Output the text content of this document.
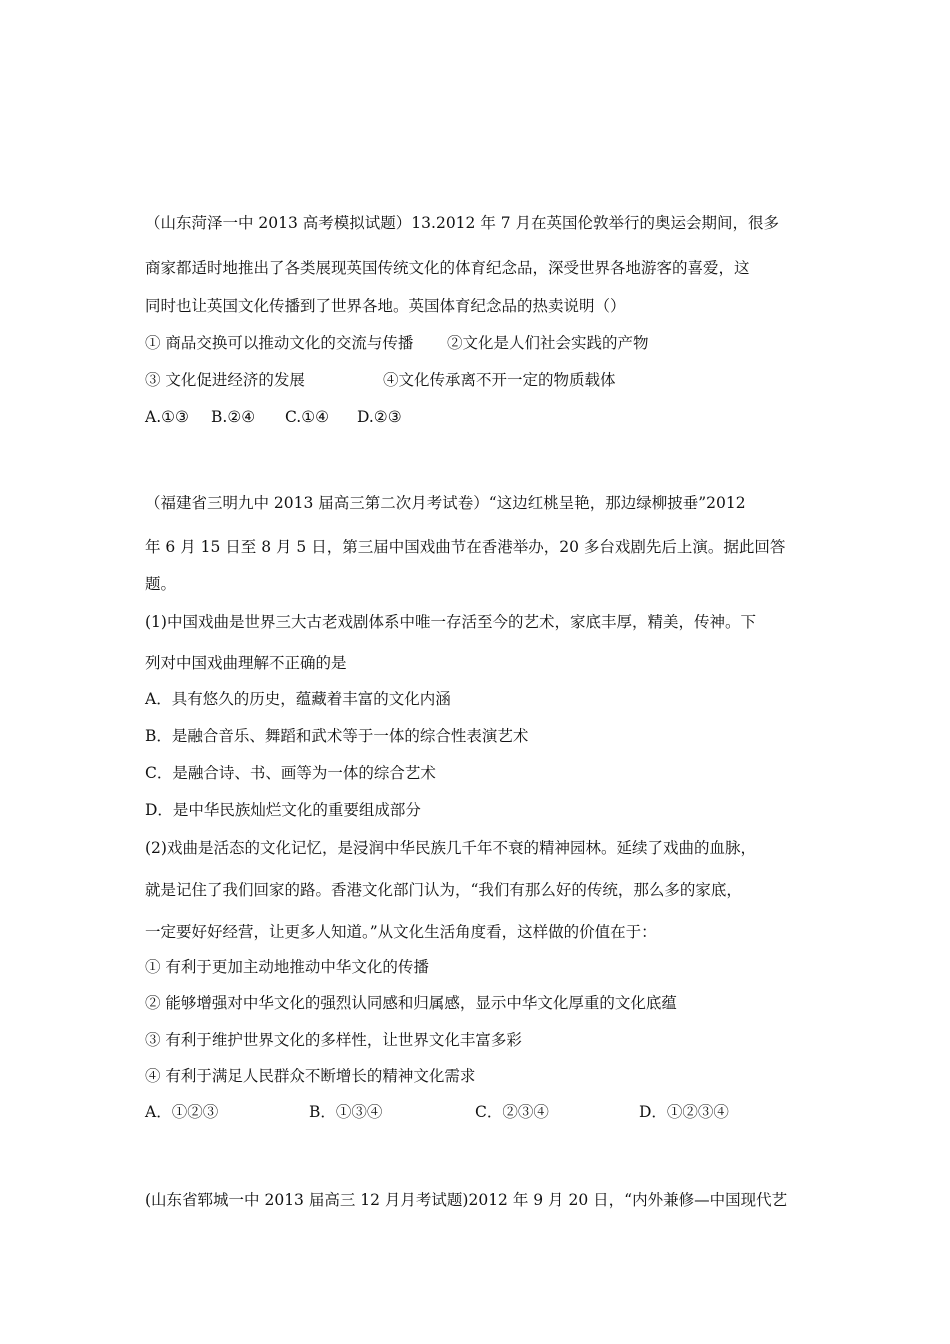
（山东菏泽一中 2013 高考模拟试题）13.2012 年 7 月在英国伦敦举行的奥运会期间，很多
商家都适时地推出了各类展现英国传统文化的体育纪念品，深受世界各地游客的喜爱，这
同时也让英国文化传播到了世界各地。英国体育纪念品的热卖说明（）
① 商品交换可以推动文化的交流与传播 ②文化是人们社会实践的产物
③ 文化促进经济的发展	④文化传承离不开一定的物质载体
A.①③ B.②④ C.①④ D.②③
（福建省三明九中 2013 届高三第二次月考试卷）“这边红桃呈艳，那边绿柳披垂”2012
年 6 月 15 日至 8 月 5 日，第三届中国戏曲节在香港举办，20 多台戏剧先后上演。据此回答
题。
(1)中国戏曲是世界三大古老戏剧体系中唯一存活至今的艺术，家底丰厚，精美，传神。下
列对中国戏曲理解不正确的是
A．具有悠久的历史，蕴藏着丰富的文化内涵
B．是融合音乐、舞蹈和武术等于一体的综合性表演艺术
C．是融合诗、书、画等为一体的综合艺术
D．是中华民族灿烂文化的重要组成部分
(2)戏曲是活态的文化记忆，是浸润中华民族几千年不衰的精神园林。延续了戏曲的血脉，
就是记住了我们回家的路。香港文化部门认为，“我们有那么好的传统，那么多的家底，
一定要好好经营，让更多人知道。”从文化生活角度看，这样做的价值在于：
① 有利于更加主动地推动中华文化的传播
② 能够增强对中华文化的强烈认同感和归属感，显示中华文化厚重的文化底蕴
③ 有利于维护世界文化的多样性，让世界文化丰富多彩
④ 有利于满足人民群众不断增长的精神文化需求
A．①②③	B．①③④	C．②③④	D．①②③④
(山东省郓城一中 2013 届高三 12 月月考试题)2012 年 9 月 20 日，“内外兼修—中国现代艺
